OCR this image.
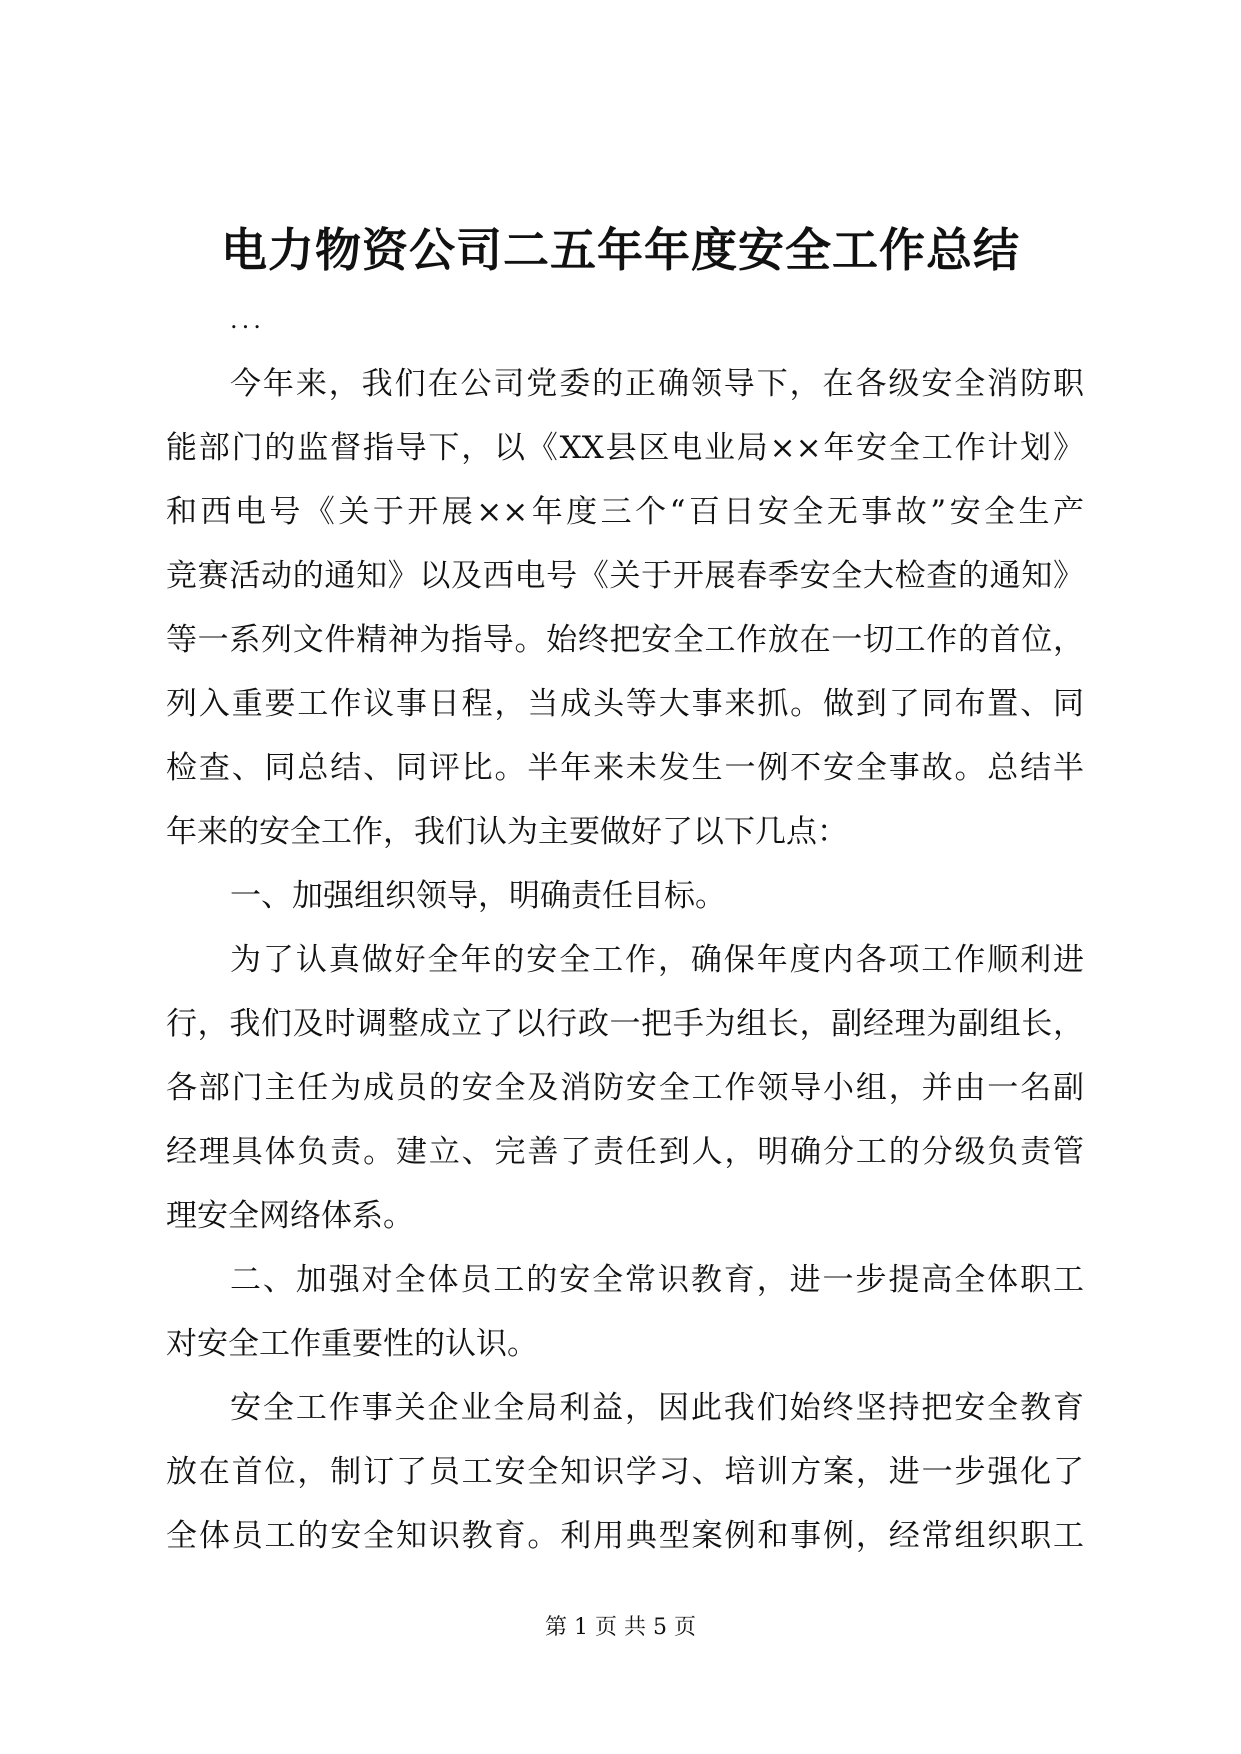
电力物资公司二五年年度安全工作总结
...
今年来，我们在公司党委的正确领导下，在各级安全消防职
能部门的监督指导下，以《XX县区电业局××年安全工作计划》
和西电号《关于开展××年度三个“百日安全无事故”安全生产
竞赛活动的通知》以及西电号《关于开展春季安全大检查的通知》
等一系列文件精神为指导。始终把安全工作放在一切工作的首位，
列入重要工作议事日程，当成头等大事来抓。做到了同布置、同
检查、同总结、同评比。半年来未发生一例不安全事故。总结半
年来的安全工作，我们认为主要做好了以下几点：
一、加强组织领导，明确责任目标。
为了认真做好全年的安全工作，确保年度内各项工作顺利进
行，我们及时调整成立了以行政一把手为组长，副经理为副组长，
各部门主任为成员的安全及消防安全工作领导小组，并由一名副
经理具体负责。建立、完善了责任到人，明确分工的分级负责管
理安全网络体系。
二、加强对全体员工的安全常识教育，进一步提高全体职工
对安全工作重要性的认识。
安全工作事关企业全局利益，因此我们始终坚持把安全教育
放在首位，制订了员工安全知识学习、培训方案，进一步强化了
全体员工的安全知识教育。利用典型案例和事例，经常组织职工
第 1 页 共 5 页
